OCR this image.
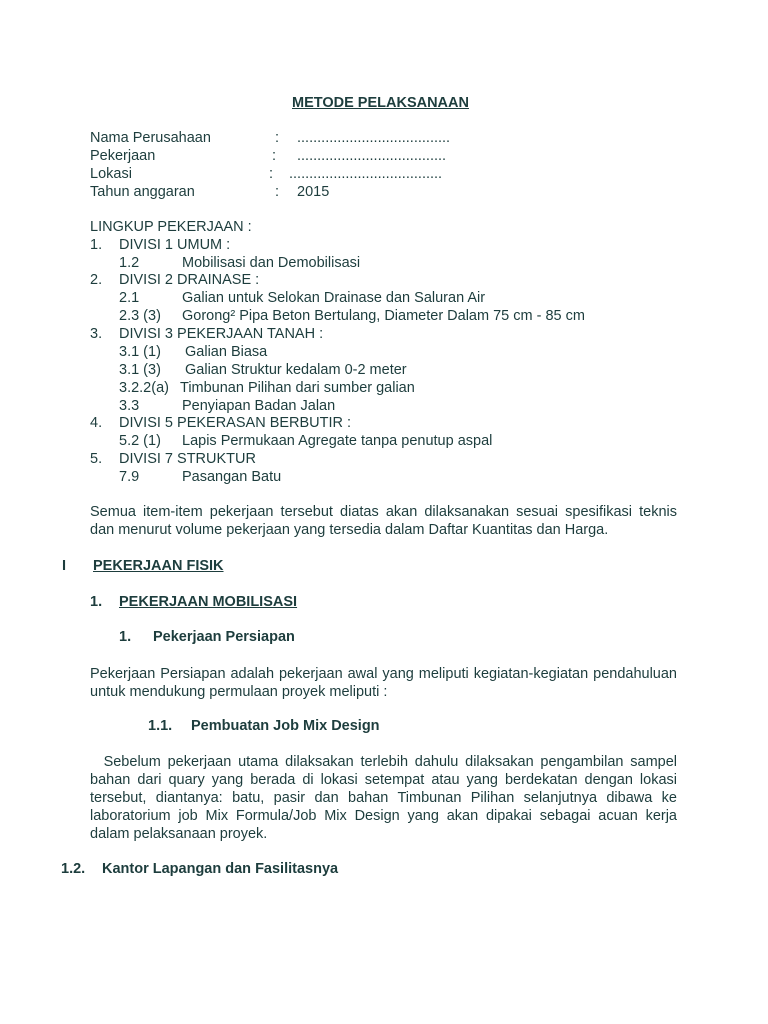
METODE PELAKSANAAN
Nama Perusahaan	: ......................................
Pekerjaan	: .....................................
Lokasi	: ......................................
Tahun anggaran	: 2015
LINGKUP PEKERJAAN :
1. DIVISI 1 UMUM :
1.2	Mobilisasi dan Demobilisasi
2. DIVISI 2 DRAINASE :
2.1	Galian untuk Selokan Drainase dan Saluran Air
2.3 (3) Gorong² Pipa Beton Bertulang, Diameter Dalam 75 cm - 85 cm
3. DIVISI 3 PEKERJAAN TANAH :
3.1 (1) Galian Biasa
3.1 (3) Galian Struktur kedalam 0-2 meter
3.2.2(a) Timbunan Pilihan dari sumber galian
3.3	Penyiapan Badan Jalan
4. DIVISI 5 PEKERASAN BERBUTIR :
5.2 (1) Lapis Permukaan Agregate tanpa penutup aspal
5. DIVISI 7 STRUKTUR
7.9	Pasangan Batu

Semua item-item pekerjaan tersebut diatas akan dilaksanakan sesuai spesifikasi teknis dan menurut volume pekerjaan yang tersedia dalam Daftar Kuantitas dan Harga.

I PEKERJAAN FISIK
1. PEKERJAAN MOBILISASI
1. Pekerjaan Persiapan

Pekerjaan Persiapan adalah pekerjaan awal yang meliputi kegiatan-kegiatan pendahuluan untuk mendukung permulaan proyek meliputi :

1.1. Pembuatan Job Mix Design

Sebelum pekerjaan utama dilaksakan terlebih dahulu dilaksakan pengambilan sampel bahan dari quary yang berada di lokasi setempat atau yang berdekatan dengan lokasi tersebut, diantanya: batu, pasir dan bahan Timbunan Pilihan selanjutnya dibawa ke laboratorium job Mix Formula/Job Mix Design yang akan dipakai sebagai acuan kerja dalam pelaksanaan proyek.

1.2. Kantor Lapangan dan Fasilitasnya
